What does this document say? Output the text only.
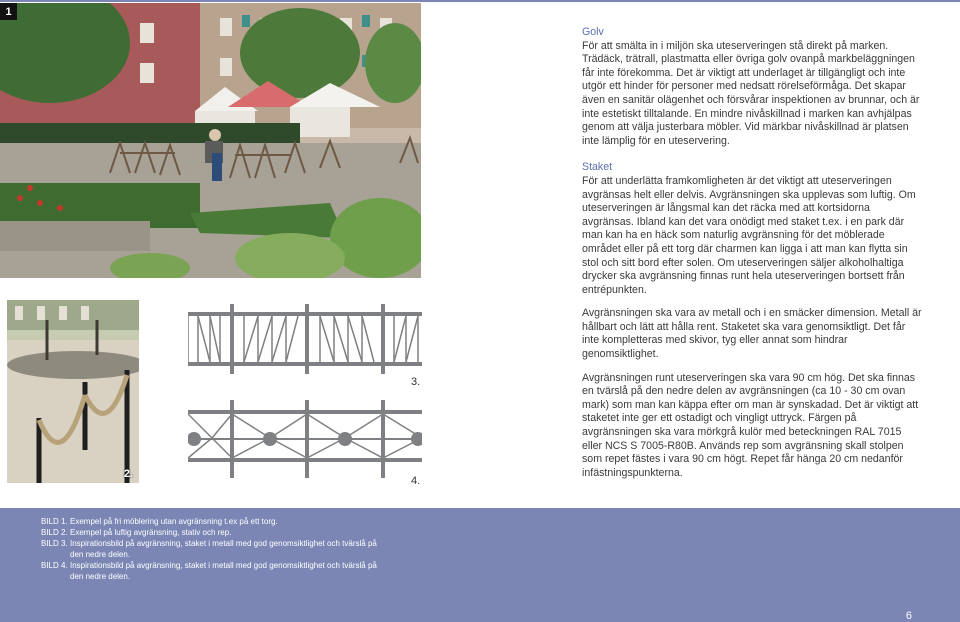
1
2.
3.
4.

Golv

För att smälta in i miljön ska uteserveringen stå direkt på marken. Trädäck, trätrall, plastmatta eller övriga golv ovanpå markbeläggningen får inte förekomma. Det är viktigt att underlaget är tillgängligt och inte utgör ett hinder för personer med nedsatt rörelseförmåga. Det skapar även en sanitär olägenhet och försvårar inspektionen av brunnar, och är inte estetiskt tilltalande. En mindre nivåskillnad i marken kan avhjälpas genom att välja justerbara möbler. Vid märkbar nivåskillnad är platsen inte lämplig för en uteservering.

Staket

För att underlätta framkomligheten är det viktigt att uteserveringen avgränsas helt eller delvis. Avgränsningen ska upplevas som luftig. Om uteserveringen är långsmal kan det räcka med att kortsidorna avgränsas. Ibland kan det vara onödigt med staket t.ex. i en park där man kan ha en häck som naturlig avgränsning för det möblerade området eller på ett torg där charmen kan ligga i att man kan flytta sin stol och sitt bord efter solen. Om uteserveringen säljer alkoholhaltiga drycker ska avgränsning finnas runt hela uteserveringen bortsett från entrépunkten.

Avgränsningen ska vara av metall och i en smäcker dimension. Metall är hållbart och lätt att hålla rent. Staketet ska vara genomsiktligt. Det får inte kompletteras med skivor, tyg eller annat som hindrar genomsiktlighet.

Avgränsningen runt uteserveringen ska vara 90 cm hög. Det ska finnas en tvärslå på den nedre delen av avgränsningen (ca 10 - 30 cm ovan mark) som man kan käppa efter om man är synskadad. Det är viktigt att staketet inte ger ett ostadigt och vingligt uttryck. Färgen på avgränsningen ska vara mörkgrå kulör med beteckningen RAL 7015 eller NCS S 7005-R80B. Används rep som avgränsning skall stolpen som repet fästes i vara 90 cm högt. Repet får hänga 20 cm nedanför infästningspunkterna.

BILD 1. Exempel på fri möblering utan avgränsning t.ex på ett torg.
BILD 2. Exempel på luftig avgränsning, stativ och rep.
BILD 3. Inspirationsbild på avgränsning, staket i metall med god genomsiktlighet och tvärslå på den nedre delen.
BILD 4. Inspirationsbild på avgränsning, staket i metall med god genomsiktlighet och tvärslå på den nedre delen.
6
